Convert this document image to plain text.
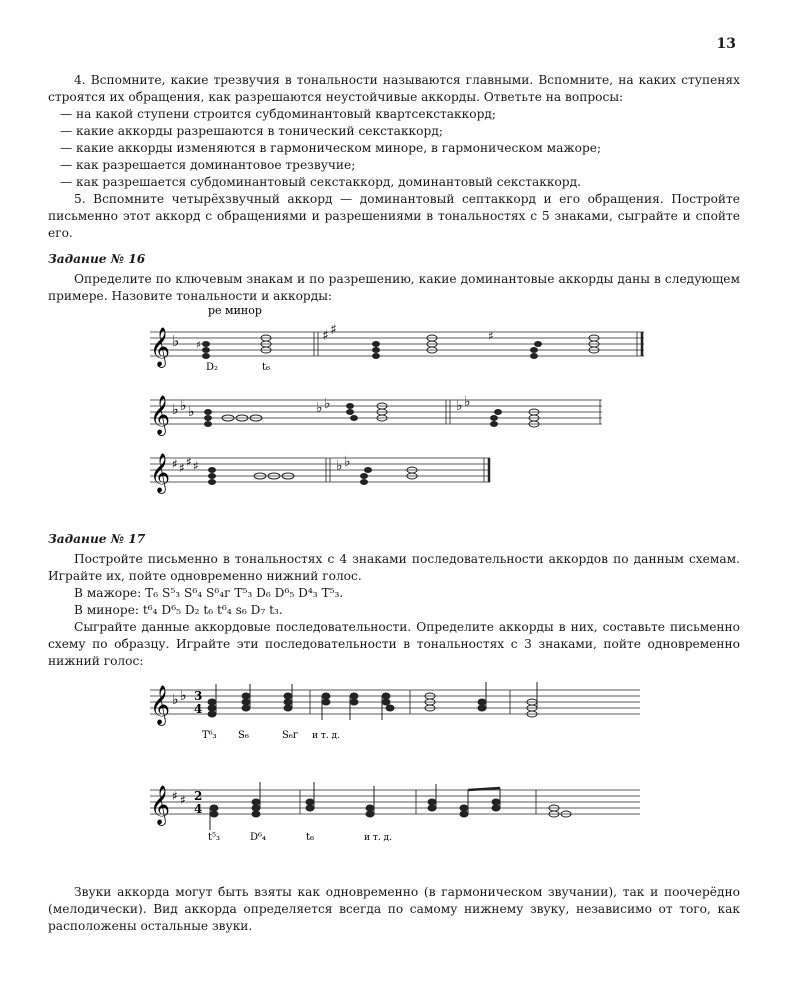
13

4. Вспомните, какие трезвучия в тональности называются главными. Вспомните, на каких ступенях строятся их обращения, как разрешаются неустойчивые аккорды. Ответьте на вопросы:

— на какой ступени строится субдоминантовый квартсекстаккорд;

— какие аккорды разрешаются в тонический секстаккорд;

— какие аккорды изменяются в гармоническом миноре, в гармоническом мажоре;

— как разрешается доминантовое трезвучие;

— как разрешается субдоминантовый секстаккорд, доминантовый секстаккорд.

5. Вспомните четырёхзвучный аккорд — доминантовый септаккорд и его обращения. Постройте письменно этот аккорд с обращениями и разрешениями в тональностях с 5 знаками, сыграйте и спойте его.

Задание № 16

Определите по ключевым знакам и по разрешению, какие доминантовые аккорды даны в следующем примере. Назовите тональности и аккорды:

ре минор
𝄞 ♭ ♯
♯ ♯	♯
D₂	t₆
𝄞 ♭ ♭ ♭	♭ ♭	♭ ♭
𝄞 ♯ ♯ ♯ ♯	♭ ♭

Задание № 17

Постройте письменно в тональностях с 4 знаками последовательности аккордов по данным схемам. Играйте их, пойте одновременно нижний голос.

В мажоре: T₆ S⁵₃ S⁶₄ S⁶₄г T⁵₃ D₆ D⁶₅ D⁴₃ T⁵₃.

В миноре: t⁶₄ D⁶₅ D₂ t₆ t⁶₄ s₆ D₇ t₃.

Сыграйте данные аккордовые последовательности. Определите аккорды в них, составьте письменно схему по образцу. Играйте эти последовательности в тональностях с 3 знаками, пойте одновременно нижний голос:

𝄞 ♭ ♭ 3
4
T⁶₃ S₆	S₆г и т. д.
𝄞 ♯ ♯ 2
4
t⁵₃	D⁶₄	t₆	и т. д.

Звуки аккорда могут быть взяты как одновременно (в гармоническом звучании), так и поочерёдно (мелодически). Вид аккорда определяется всегда по самому нижнему звуку, независимо от того, как расположены остальные звуки.
